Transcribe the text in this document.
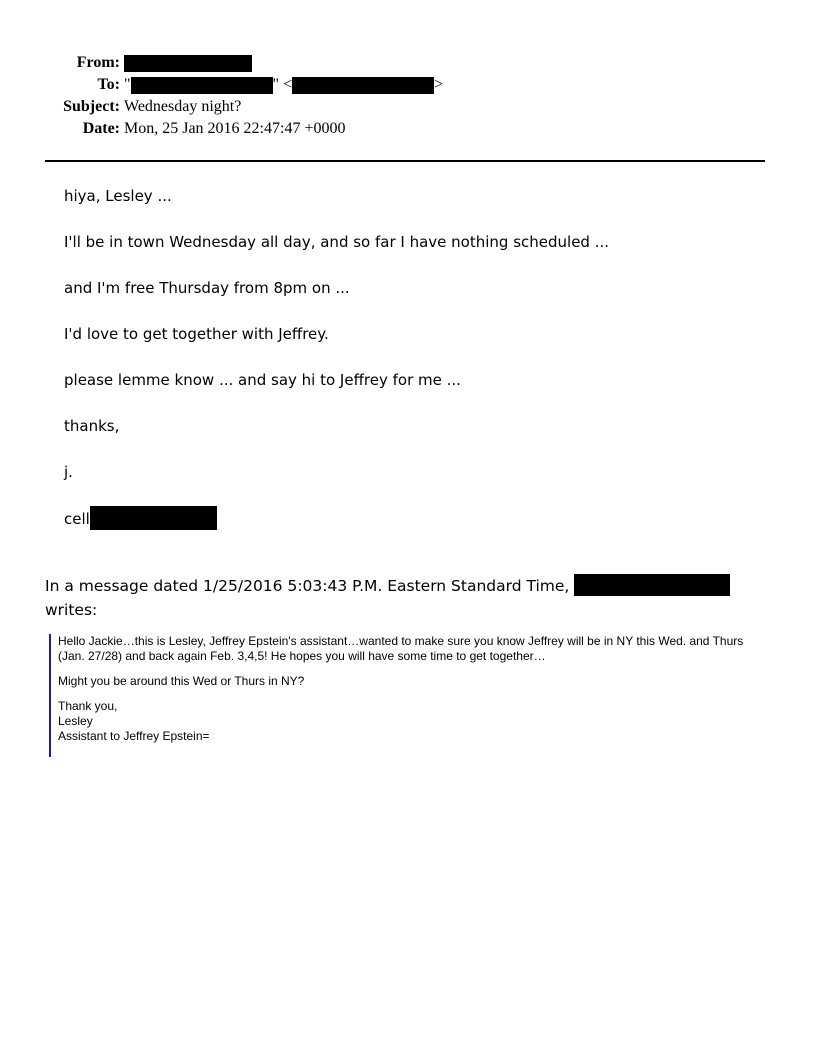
From:
To: "	" <	>
Subject: Wednesday night?
Date: Mon, 25 Jan 2016 22:47:47 +0000
hiya, Lesley ...
I'll be in town Wednesday all day, and so far I have nothing scheduled ...
and I'm free Thursday from 8pm on ...
I'd love to get together with Jeffrey.
please lemme know ... and say hi to Jeffrey for me ...
thanks,
j.
cell
In a message dated 1/25/2016 5:03:43 P.M. Eastern Standard Time,
writes:

Hello Jackie…this is Lesley, Jeffrey Epstein's assistant…wanted to make sure you know Jeffrey will be in NY this Wed. and Thurs (Jan. 27/28) and back again Feb. 3,4,5! He hopes you will have some time to get together…

Might you be around this Wed or Thurs in NY?

Thank you,

Lesley

Assistant to Jeffrey Epstein=
